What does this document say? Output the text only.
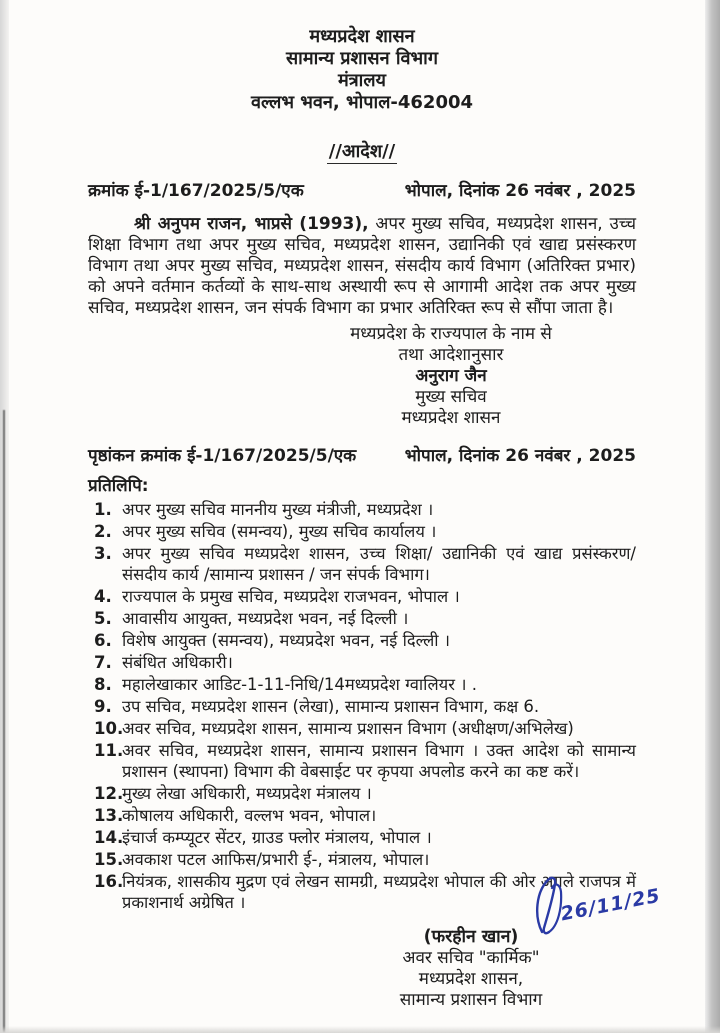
मध्यप्रदेश शासन
सामान्य प्रशासन विभाग
मंत्रालय
वल्लभ भवन, भोपाल-462004
//आदेश//
क्रमांक ई-1/167/2025/5/एक	भोपाल, दिनांक 26 नवंबर , 2025
श्री अनुपम राजन, भाप्रसे (1993), अपर मुख्य सचिव, मध्यप्रदेश शासन, उच्च शिक्षा विभाग तथा अपर मुख्य सचिव, मध्यप्रदेश शासन, उद्यानिकी एवं खाद्य प्रसंस्करण विभाग तथा अपर मुख्य सचिव, मध्यप्रदेश शासन, संसदीय कार्य विभाग (अतिरिक्त प्रभार) को अपने वर्तमान कर्तव्यों के साथ-साथ अस्थायी रूप से आगामी आदेश तक अपर मुख्य सचिव, मध्यप्रदेश शासन, जन संपर्क विभाग का प्रभार अतिरिक्त रूप से सौंपा जाता है।
मध्यप्रदेश के राज्यपाल के नाम से
तथा आदेशानुसार
अनुराग जैन
मुख्य सचिव
मध्यप्रदेश शासन
पृष्ठांकन क्रमांक ई-1/167/2025/5/एक	भोपाल, दिनांक 26 नवंबर , 2025
प्रतिलिपि:
1. अपर मुख्य सचिव माननीय मुख्य मंत्रीजी, मध्यप्रदेश ।
2. अपर मुख्य सचिव (समन्वय), मुख्य सचिव कार्यालय ।
3. अपर मुख्य सचिव मध्यप्रदेश शासन, उच्च शिक्षा/ उद्यानिकी एवं खाद्य प्रसंस्करण/ संसदीय कार्य /सामान्य प्रशासन / जन संपर्क विभाग।
4. राज्यपाल के प्रमुख सचिव, मध्यप्रदेश राजभवन, भोपाल ।
5. आवासीय आयुक्त, मध्यप्रदेश भवन, नई दिल्ली ।
6. विशेष आयुक्त (समन्वय), मध्यप्रदेश भवन, नई दिल्ली ।
7. संबंधित अधिकारी।
8. महालेखाकार आडिट-1-11-निधि/14मध्यप्रदेश ग्वालियर । .
9. उप सचिव, मध्यप्रदेश शासन (लेखा), सामान्य प्रशासन विभाग, कक्ष 6.
10.
अवर सचिव, मध्यप्रदेश शासन, सामान्य प्रशासन विभाग (अधीक्षण/अभिलेख)
11.
अवर सचिव, मध्यप्रदेश शासन, सामान्य प्रशासन विभाग । उक्त आदेश को सामान्य प्रशासन (स्थापना) विभाग की वेबसाईट पर कृपया अपलोड करने का कष्ट करें।
12.
मुख्य लेखा अधिकारी, मध्यप्रदेश मंत्रालय ।
13.
कोषालय अधिकारी, वल्लभ भवन, भोपाल।
14.
इंचार्ज कम्प्यूटर सेंटर, ग्राउड फ्लोर मंत्रालय, भोपाल ।
15.
अवकाश पटल आफिस/प्रभारी ई-, मंत्रालय, भोपाल।
16.
नियंत्रक, शासकीय मुद्रण एवं लेखन सामग्री, मध्यप्रदेश भोपाल की ओर अगले राजपत्र में प्रकाशनार्थ अग्रेषित ।
(फरहीन खान)
अवर सचिव "कार्मिक"
मध्यप्रदेश शासन,
सामान्य प्रशासन विभाग
26/11/25
